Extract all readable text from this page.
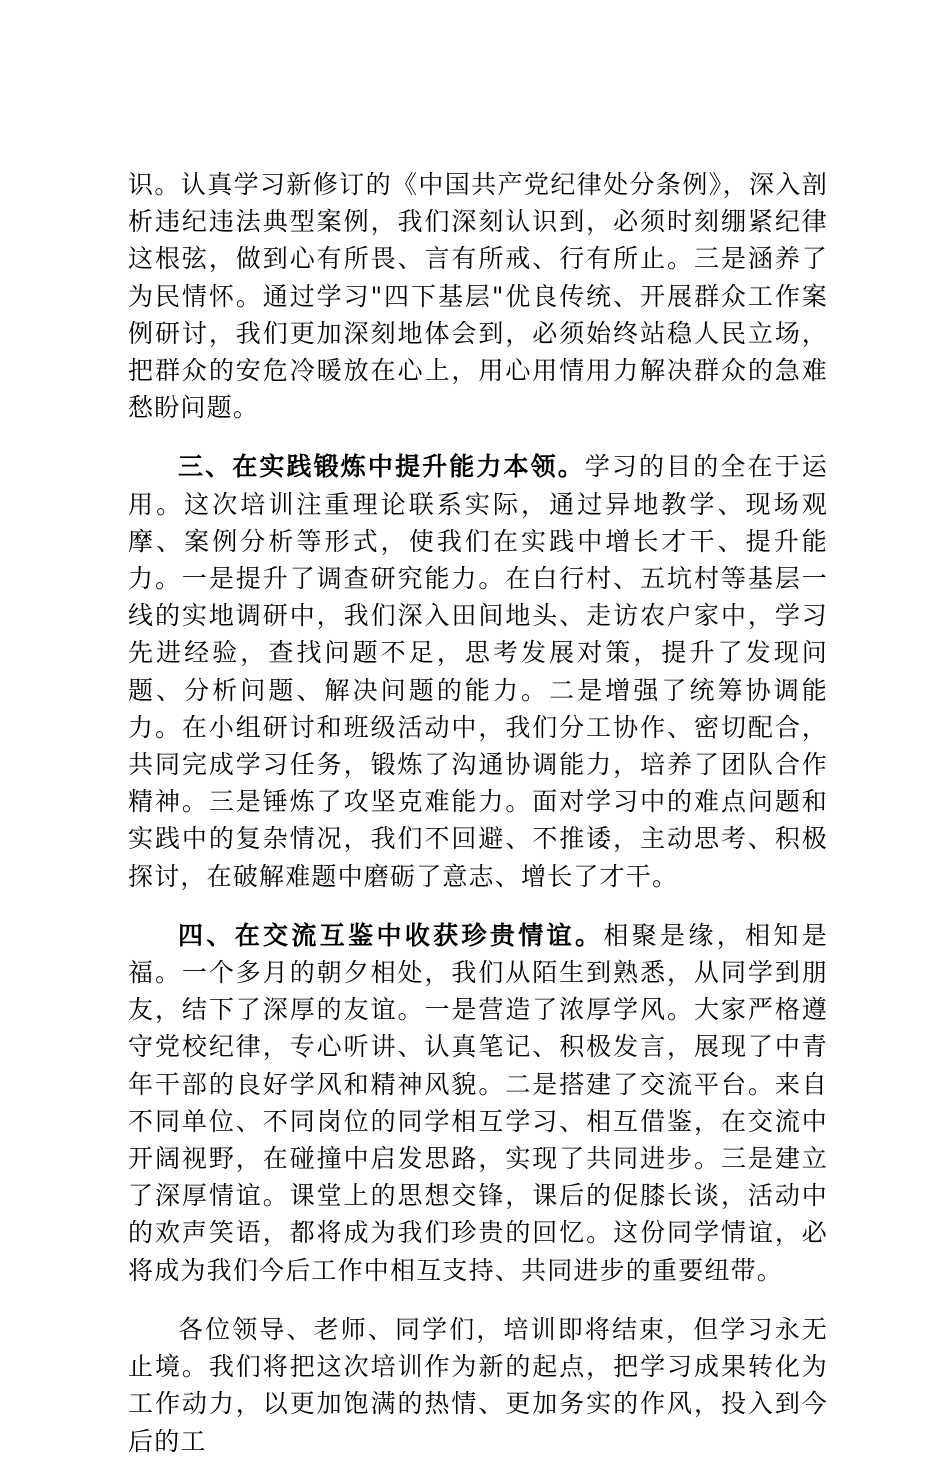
识。认真学习新修订的《中国共产党纪律处分条例》，深入剖析违纪违法典型案例，我们深刻认识到，必须时刻绷紧纪律这根弦，做到心有所畏、言有所戒、行有所止。三是涵养了为民情怀。通过学习"四下基层"优良传统、开展群众工作案例研讨，我们更加深刻地体会到，必须始终站稳人民立场，把群众的安危冷暖放在心上，用心用情用力解决群众的急难愁盼问题。

三、在实践锻炼中提升能力本领。学习的目的全在于运用。这次培训注重理论联系实际，通过异地教学、现场观摩、案例分析等形式，使我们在实践中增长才干、提升能力。一是提升了调查研究能力。在白行村、五坑村等基层一线的实地调研中，我们深入田间地头、走访农户家中，学习先进经验，查找问题不足，思考发展对策，提升了发现问题、分析问题、解决问题的能力。二是增强了统筹协调能力。在小组研讨和班级活动中，我们分工协作、密切配合，共同完成学习任务，锻炼了沟通协调能力，培养了团队合作精神。三是锤炼了攻坚克难能力。面对学习中的难点问题和实践中的复杂情况，我们不回避、不推诿，主动思考、积极探讨，在破解难题中磨砺了意志、增长了才干。

四、在交流互鉴中收获珍贵情谊。相聚是缘，相知是福。一个多月的朝夕相处，我们从陌生到熟悉，从同学到朋友，结下了深厚的友谊。一是营造了浓厚学风。大家严格遵守党校纪律，专心听讲、认真笔记、积极发言，展现了中青年干部的良好学风和精神风貌。二是搭建了交流平台。来自不同单位、不同岗位的同学相互学习、相互借鉴，在交流中开阔视野，在碰撞中启发思路，实现了共同进步。三是建立了深厚情谊。课堂上的思想交锋，课后的促膝长谈，活动中的欢声笑语，都将成为我们珍贵的回忆。这份同学情谊，必将成为我们今后工作中相互支持、共同进步的重要纽带。

各位领导、老师、同学们，培训即将结束，但学习永无止境。我们将把这次培训作为新的起点，把学习成果转化为工作动力，以更加饱满的热情、更加务实的作风，投入到今后的工
